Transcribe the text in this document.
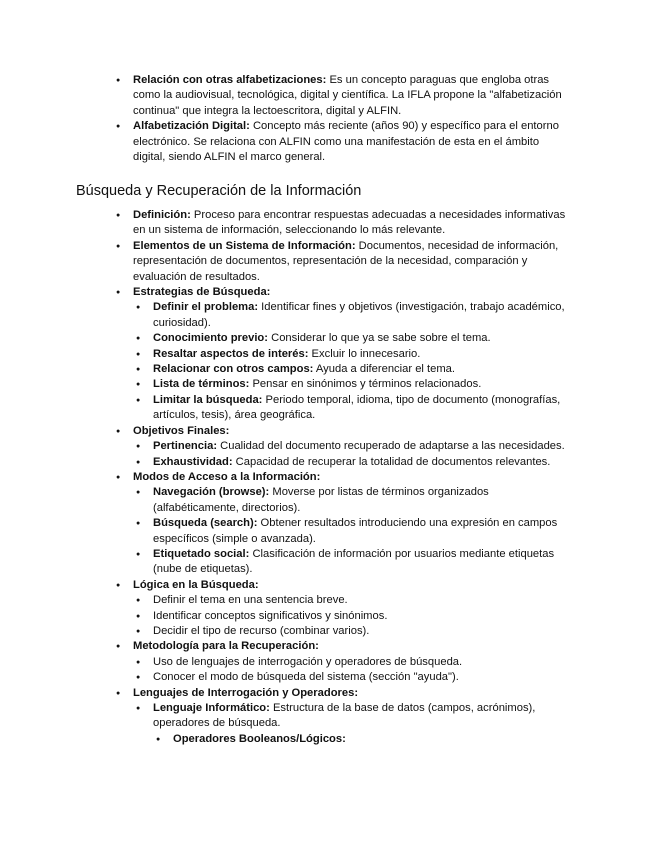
● Relación con otras alfabetizaciones: Es un concepto paraguas que engloba otras como la audiovisual, tecnológica, digital y científica. La IFLA propone la "alfabetización continua" que integra la lectoescritora, digital y ALFIN.
● Alfabetización Digital: Concepto más reciente (años 90) y específico para el entorno electrónico. Se relaciona con ALFIN como una manifestación de esta en el ámbito digital, siendo ALFIN el marco general.
Búsqueda y Recuperación de la Información
● Definición: Proceso para encontrar respuestas adecuadas a necesidades informativas en un sistema de información, seleccionando lo más relevante.
● Elementos de un Sistema de Información: Documentos, necesidad de información, representación de documentos, representación de la necesidad, comparación y evaluación de resultados.
● Estrategias de Búsqueda:
● Definir el problema: Identificar fines y objetivos (investigación, trabajo académico, curiosidad).
● Conocimiento previo: Considerar lo que ya se sabe sobre el tema.
● Resaltar aspectos de interés: Excluir lo innecesario.
● Relacionar con otros campos: Ayuda a diferenciar el tema.
● Lista de términos: Pensar en sinónimos y términos relacionados.
● Limitar la búsqueda: Periodo temporal, idioma, tipo de documento (monografías, artículos, tesis), área geográfica.
● Objetivos Finales:
● Pertinencia: Cualidad del documento recuperado de adaptarse a las necesidades.
● Exhaustividad: Capacidad de recuperar la totalidad de documentos relevantes.
● Modos de Acceso a la Información:
● Navegación (browse): Moverse por listas de términos organizados (alfabéticamente, directorios).
● Búsqueda (search): Obtener resultados introduciendo una expresión en campos específicos (simple o avanzada).
● Etiquetado social: Clasificación de información por usuarios mediante etiquetas (nube de etiquetas).
● Lógica en la Búsqueda:
● Definir el tema en una sentencia breve.
● Identificar conceptos significativos y sinónimos.
● Decidir el tipo de recurso (combinar varios).
● Metodología para la Recuperación:
● Uso de lenguajes de interrogación y operadores de búsqueda.
● Conocer el modo de búsqueda del sistema (sección "ayuda").
● Lenguajes de Interrogación y Operadores:
● Lenguaje Informático: Estructura de la base de datos (campos, acrónimos), operadores de búsqueda.
● Operadores Booleanos/Lógicos:
